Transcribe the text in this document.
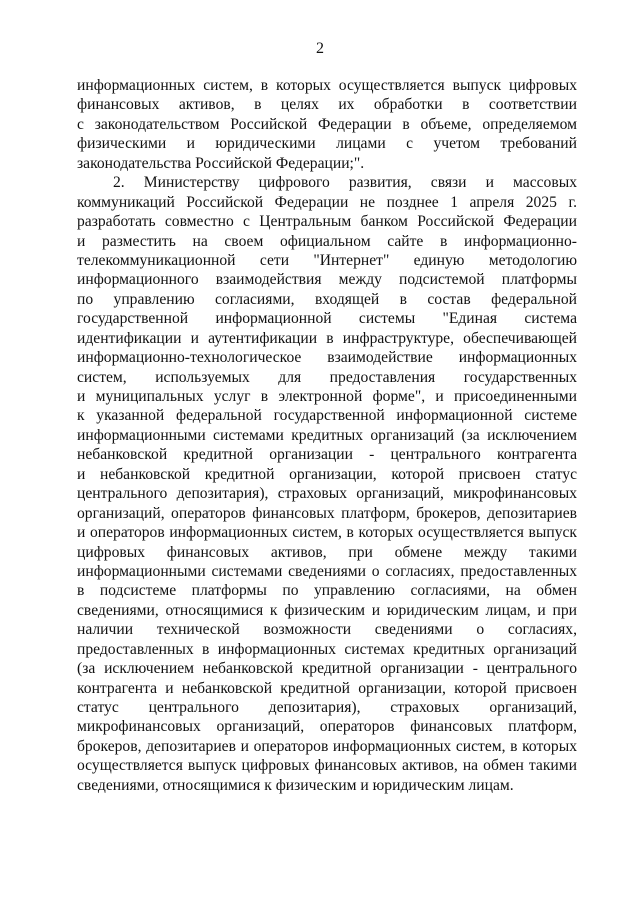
2
информационных систем, в которых осуществляется выпуск цифровых
финансовых активов, в целях их обработки в соответствии
с законодательством Российской Федерации в объеме, определяемом
физическими и юридическими лицами с учетом требований
законодательства Российской Федерации;".
2. Министерству цифрового развития, связи и массовых
коммуникаций Российской Федерации не позднее 1 апреля 2025 г.
разработать совместно с Центральным банком Российской Федерации
и разместить на своем официальном сайте в информационно-
телекоммуникационной сети "Интернет" единую методологию
информационного взаимодействия между подсистемой платформы
по управлению согласиями, входящей в состав федеральной
государственной информационной системы "Единая система
идентификации и аутентификации в инфраструктуре, обеспечивающей
информационно-технологическое взаимодействие информационных
систем, используемых для предоставления государственных
и муниципальных услуг в электронной форме", и присоединенными
к указанной федеральной государственной информационной системе
информационными системами кредитных организаций (за исключением
небанковской кредитной организации - центрального контрагента
и небанковской кредитной организации, которой присвоен статус
центрального депозитария), страховых организаций, микрофинансовых
организаций, операторов финансовых платформ, брокеров, депозитариев
и операторов информационных систем, в которых осуществляется выпуск
цифровых финансовых активов, при обмене между такими
информационными системами сведениями о согласиях, предоставленных
в подсистеме платформы по управлению согласиями, на обмен
сведениями, относящимися к физическим и юридическим лицам, и при
наличии технической возможности сведениями о согласиях,
предоставленных в информационных системах кредитных организаций
(за исключением небанковской кредитной организации - центрального
контрагента и небанковской кредитной организации, которой присвоен
статус центрального депозитария), страховых организаций,
микрофинансовых организаций, операторов финансовых платформ,
брокеров, депозитариев и операторов информационных систем, в которых
осуществляется выпуск цифровых финансовых активов, на обмен такими
сведениями, относящимися к физическим и юридическим лицам.
